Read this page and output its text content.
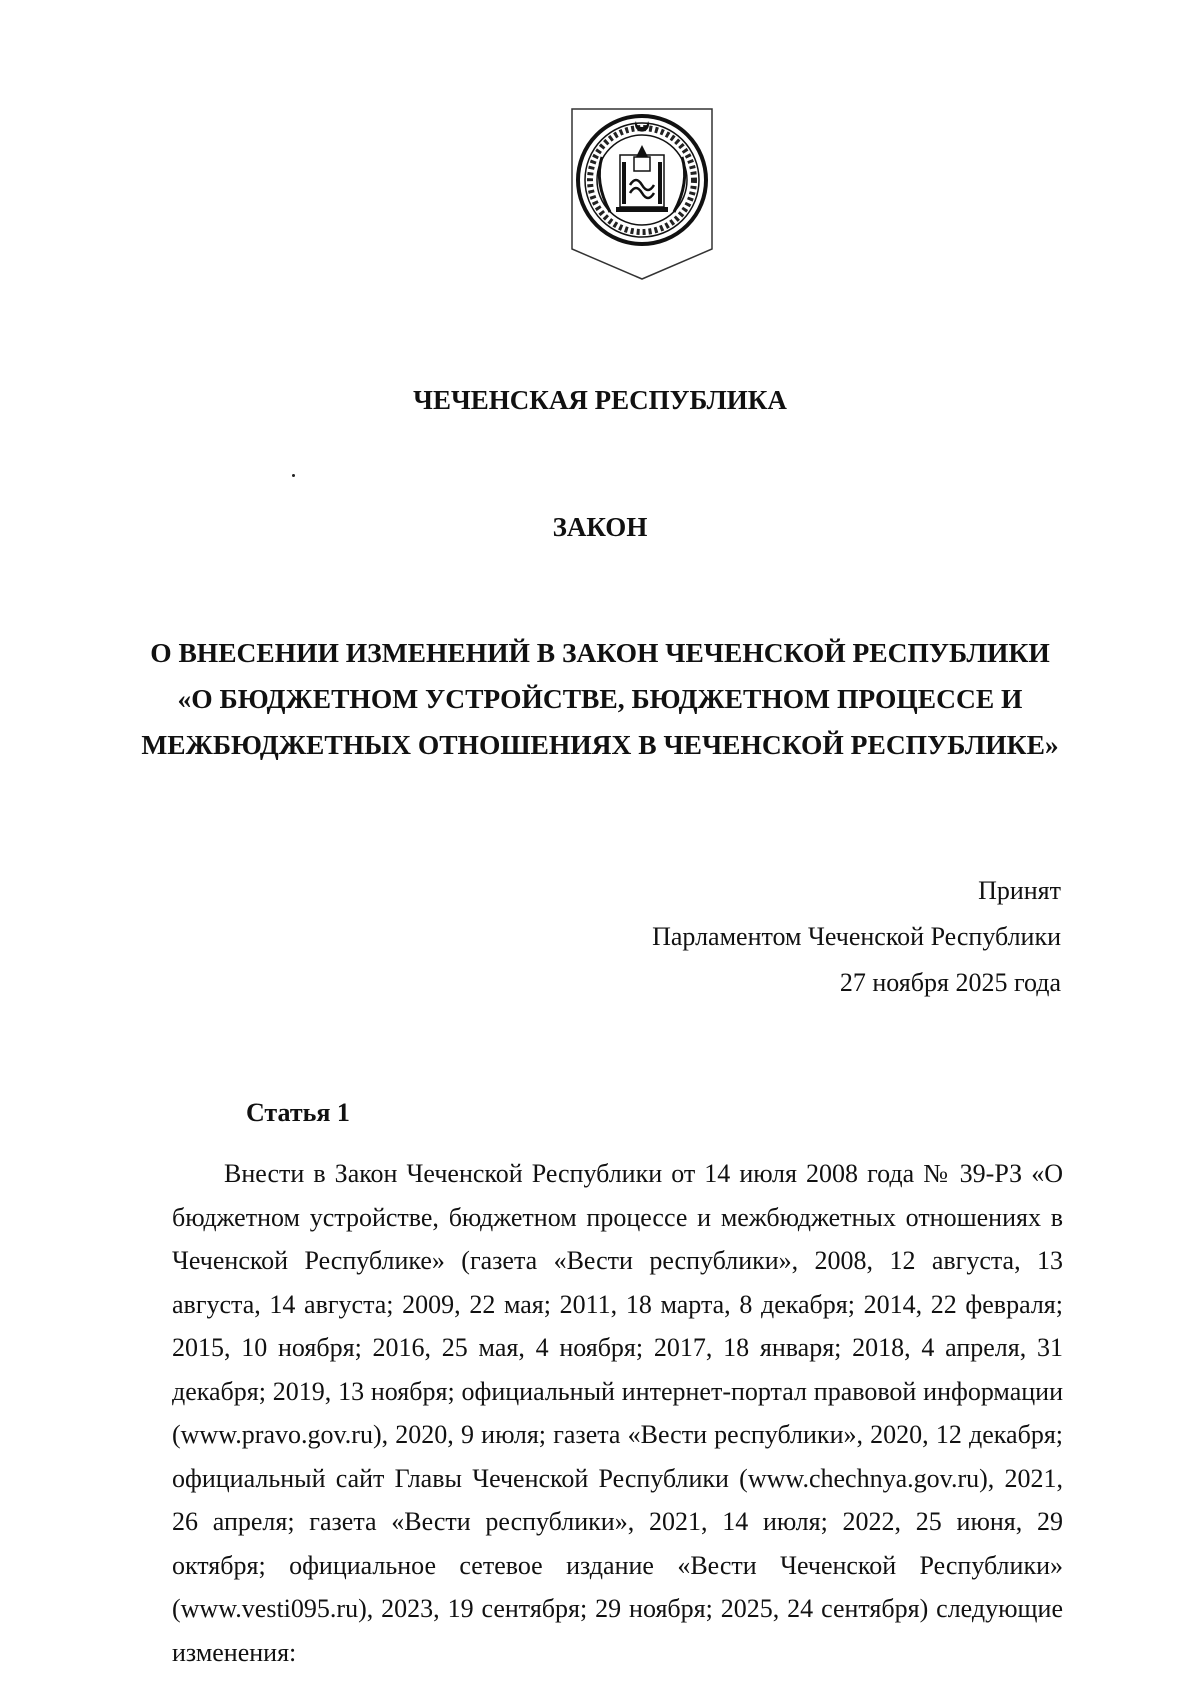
ЧЕЧЕНСКАЯ РЕСПУБЛИКА
ЗАКОН
О ВНЕСЕНИИ ИЗМЕНЕНИЙ В ЗАКОН ЧЕЧЕНСКОЙ РЕСПУБЛИКИ
«О БЮДЖЕТНОМ УСТРОЙСТВЕ, БЮДЖЕТНОМ ПРОЦЕССЕ И
МЕЖБЮДЖЕТНЫХ ОТНОШЕНИЯХ В ЧЕЧЕНСКОЙ РЕСПУБЛИКЕ»
Принят
Парламентом Чеченской Республики
27 ноября 2025 года
Статья 1

Внести в Закон Чеченской Республики от 14 июля 2008 года № 39-РЗ «О бюджетном устройстве, бюджетном процессе и межбюджетных отношениях в Чеченской Республике» (газета «Вести республики», 2008, 12 августа, 13 августа, 14 августа; 2009, 22 мая; 2011, 18 марта, 8 декабря; 2014, 22 февраля; 2015, 10 ноября; 2016, 25 мая, 4 ноября; 2017, 18 января; 2018, 4 апреля, 31 декабря; 2019, 13 ноября; официальный интернет-портал правовой информации (www.pravo.gov.ru), 2020, 9 июля; газета «Вести республики», 2020, 12 декабря; официальный сайт Главы Чеченской Республики (www.chechnya.gov.ru), 2021, 26 апреля; газета «Вести республики», 2021, 14 июля; 2022, 25 июня, 29 октября; официальное сетевое издание «Вести Чеченской Республики» (www.vesti095.ru), 2023, 19 сентября; 29 ноября; 2025, 24 сентября) следующие изменения:
